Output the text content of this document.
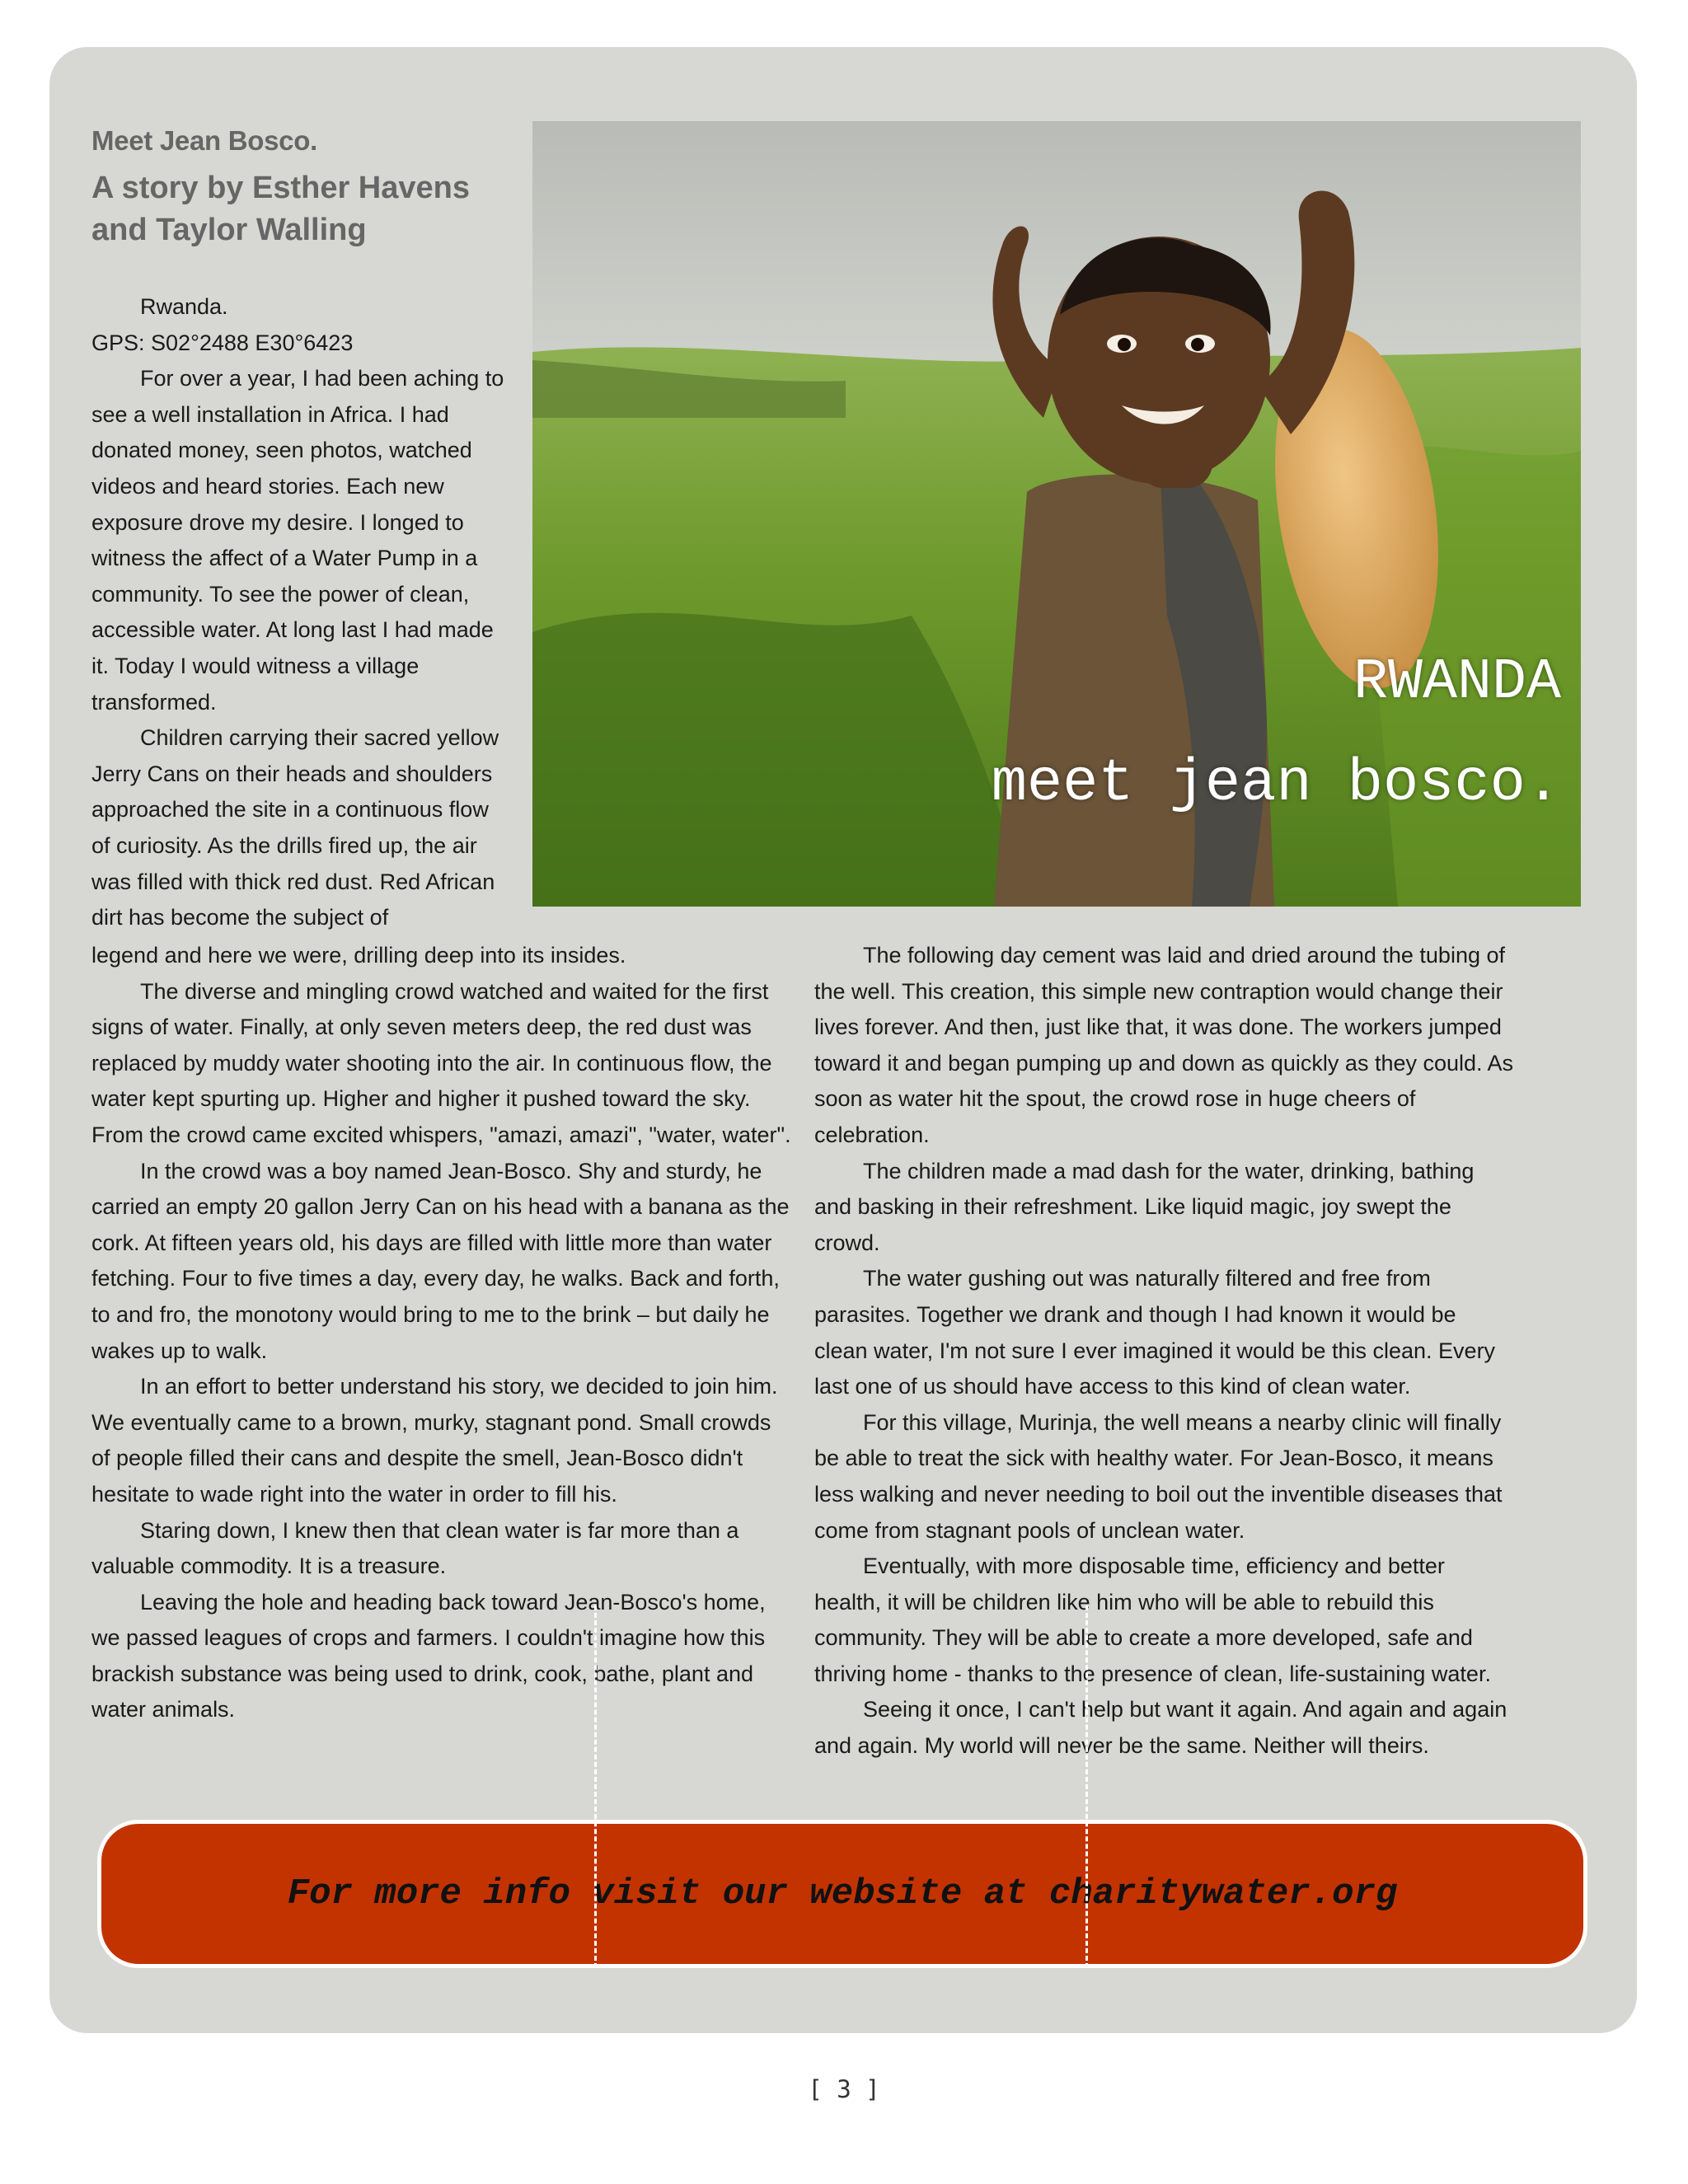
Meet Jean Bosco.
A story by Esther Havens and Taylor Walling
RWANDA
meet jean bosco.

Rwanda.

GPS: S02°2488 E30°6423

For over a year, I had been aching to see a well installation in Africa. I had donated money, seen photos, watched videos and heard stories. Each new exposure drove my desire. I longed to witness the affect of a Water Pump in a community. To see the power of clean, accessible water. At long last I had made it. Today I would witness a village transformed.

Children carrying their sacred yellow Jerry Cans on their heads and shoulders approached the site in a continuous flow of curiosity. As the drills fired up, the air was filled with thick red dust. Red African dirt has become the subject of

legend and here we were, drilling deep into its insides.

The diverse and mingling crowd watched and waited for the first signs of water. Finally, at only seven meters deep, the red dust was replaced by muddy water shooting into the air. In continuous flow, the water kept spurting up. Higher and higher it pushed toward the sky. From the crowd came excited whispers, "amazi, amazi", "water, water".

In the crowd was a boy named Jean-Bosco. Shy and sturdy, he carried an empty 20 gallon Jerry Can on his head with a banana as the cork. At fifteen years old, his days are filled with little more than water fetching. Four to five times a day, every day, he walks. Back and forth, to and fro, the monotony would bring to me to the brink – but daily he wakes up to walk.

In an effort to better understand his story, we decided to join him. We eventually came to a brown, murky, stagnant pond. Small crowds of people filled their cans and despite the smell, Jean-Bosco didn't hesitate to wade right into the water in order to fill his.

Staring down, I knew then that clean water is far more than a valuable commodity. It is a treasure.

Leaving the hole and heading back toward Jean-Bosco's home, we passed leagues of crops and farmers. I couldn't imagine how this brackish substance was being used to drink, cook, bathe, plant and water animals.

The following day cement was laid and dried around the tubing of the well. This creation, this simple new contraption would change their lives forever. And then, just like that, it was done. The workers jumped toward it and began pumping up and down as quickly as they could. As soon as water hit the spout, the crowd rose in huge cheers of celebration.

The children made a mad dash for the water, drinking, bathing and basking in their refreshment. Like liquid magic, joy swept the crowd.

The water gushing out was naturally filtered and free from parasites. Together we drank and though I had known it would be clean water, I'm not sure I ever imagined it would be this clean. Every last one of us should have access to this kind of clean water.

For this village, Murinja, the well means a nearby clinic will finally be able to treat the sick with healthy water. For Jean-Bosco, it means less walking and never needing to boil out the inventible diseases that come from stagnant pools of unclean water.

Eventually, with more disposable time, efficiency and better health, it will be children like him who will be able to rebuild this community. They will be able to create a more developed, safe and thriving home - thanks to the presence of clean, life-sustaining water.

Seeing it once, I can't help but want it again. And again and again and again. My world will never be the same. Neither will theirs.

For more info visit our website at charitywater.org
[ 3 ]
